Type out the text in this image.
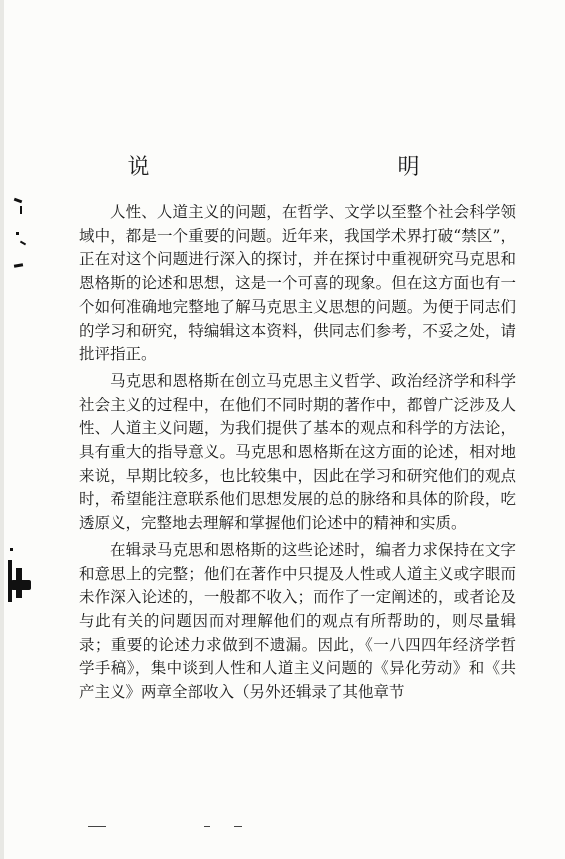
说　　明

人性、人道主义的问题，在哲学、文学以至整个社会科学领域中，都是一个重要的问题。近年来，我国学术界打破“禁区”，正在对这个问题进行深入的探讨，并在探讨中重视研究马克思和恩格斯的论述和思想，这是一个可喜的现象。但在这方面也有一个如何准确地完整地了解马克思主义思想的问题。为便于同志们的学习和研究，特编辑这本资料，供同志们参考，不妥之处，请批评指正。

马克思和恩格斯在创立马克思主义哲学、政治经济学和科学社会主义的过程中，在他们不同时期的著作中，都曾广泛涉及人性、人道主义问题，为我们提供了基本的观点和科学的方法论，具有重大的指导意义。马克思和恩格斯在这方面的论述，相对地来说，早期比较多，也比较集中，因此在学习和研究他们的观点时，希望能注意联系他们思想发展的总的脉络和具体的阶段，吃透原义，完整地去理解和掌握他们论述中的精神和实质。

在辑录马克思和恩格斯的这些论述时，编者力求保持在文字和意思上的完整；他们在著作中只提及人性或人道主义或字眼而未作深入论述的，一般都不收入；而作了一定阐述的，或者论及与此有关的问题因而对理解他们的观点有所帮助的，则尽量辑录；重要的论述力求做到不遗漏。因此，《一八四四年经济学哲学手稿》，集中谈到人性和人道主义问题的《异化劳动》和《共产主义》两章全部收入（另外还辑录了其他章节
